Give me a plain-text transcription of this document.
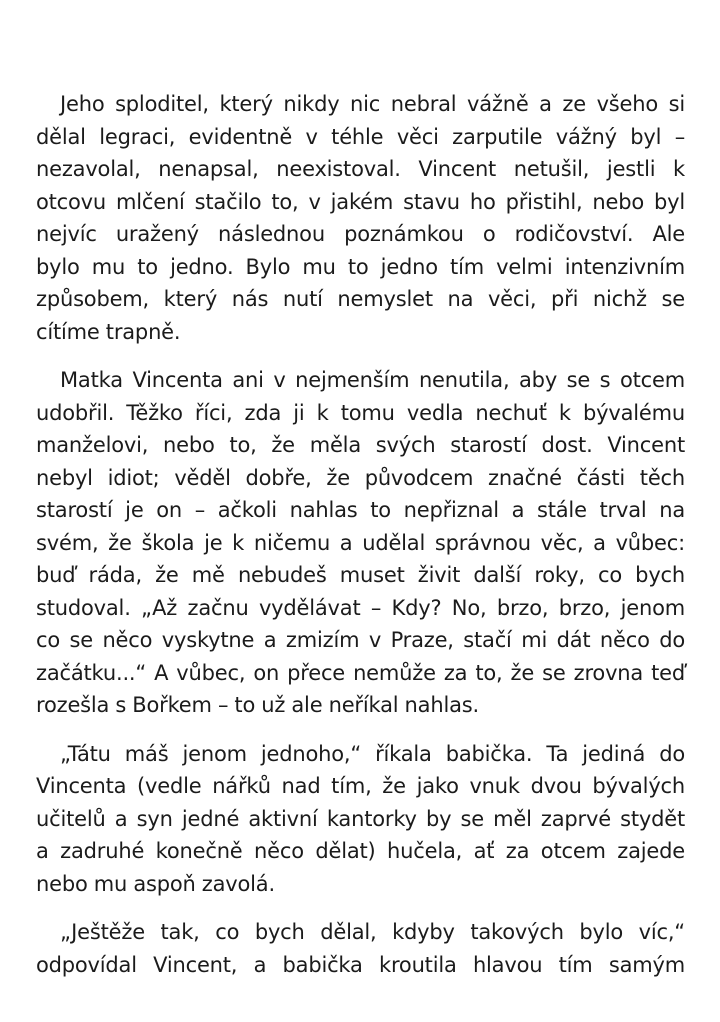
Jeho sploditel, který nikdy nic nebral vážně a ze všeho si
dělal legraci, evidentně v téhle věci zarputile vážný byl –
nezavolal, nenapsal, neexistoval. Vincent netušil, jestli k
otcovu mlčení stačilo to, v jakém stavu ho přistihl, nebo byl
nejvíc uražený následnou poznámkou o rodičovství. Ale
bylo mu to jedno. Bylo mu to jedno tím velmi intenzivním
způsobem, který nás nutí nemyslet na věci, při nichž se
cítíme trapně.
Matka Vincenta ani v nejmenším nenutila, aby se s otcem
udobřil. Těžko říci, zda ji k tomu vedla nechuť k bývalému
manželovi, nebo to, že měla svých starostí dost. Vincent
nebyl idiot; věděl dobře, že původcem značné části těch
starostí je on – ačkoli nahlas to nepřiznal a stále trval na
svém, že škola je k ničemu a udělal správnou věc, a vůbec:
buď ráda, že mě nebudeš muset živit další roky, co bych
studoval. „Až začnu vydělávat – Kdy? No, brzo, brzo, jenom
co se něco vyskytne a zmizím v Praze, stačí mi dát něco do
začátku...“ A vůbec, on přece nemůže za to, že se zrovna teď
rozešla s Bořkem – to už ale neříkal nahlas.
„Tátu máš jenom jednoho,“ říkala babička. Ta jediná do
Vincenta (vedle nářků nad tím, že jako vnuk dvou bývalých
učitelů a syn jedné aktivní kantorky by se měl zaprvé stydět
a zadruhé konečně něco dělat) hučela, ať za otcem zajede
nebo mu aspoň zavolá.
„Ještěže tak, co bych dělal, kdyby takových bylo víc,“
odpovídal Vincent, a babička kroutila hlavou tím samým
